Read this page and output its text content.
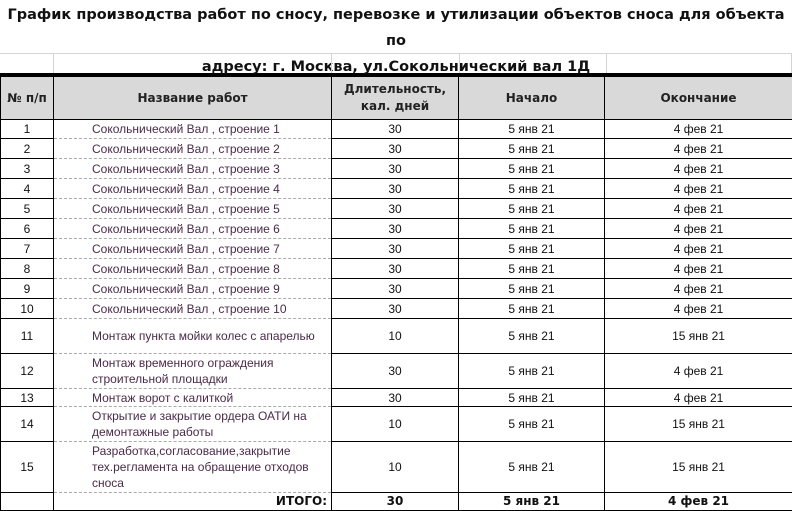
График производства работ по сносу, перевозке и утилизации объектов сноса для объекта по
адресу: г. Москва, ул.Сокольнический вал 1Д
№ п/п	Название работ	Длительность, кал. дней	Начало	Окончание
1	Сокольнический Вал , строение 1	30	5 янв 21	4 фев 21
2	Сокольнический Вал , строение 2	30	5 янв 21	4 фев 21
3	Сокольнический Вал , строение 3	30	5 янв 21	4 фев 21
4	Сокольнический Вал , строение 4	30	5 янв 21	4 фев 21
5	Сокольнический Вал , строение 5	30	5 янв 21	4 фев 21
6	Сокольнический Вал , строение 6	30	5 янв 21	4 фев 21
7	Сокольнический Вал , строение 7	30	5 янв 21	4 фев 21
8	Сокольнический Вал , строение 8	30	5 янв 21	4 фев 21
9	Сокольнический Вал , строение 9	30	5 янв 21	4 фев 21
10	Сокольнический Вал , строение 10	30	5 янв 21	4 фев 21
11	Монтаж пункта мойки колес с апарелью	10	5 янв 21	15 янв 21
12	Монтаж временного ограждения строительной площадки	30	5 янв 21	4 фев 21
13	Монтаж ворот с калиткой	30	5 янв 21	4 фев 21
14	Открытие и закрытие ордера ОАТИ на демонтажные работы	10	5 янв 21	15 янв 21
15	Разработка,согласование,закрытие тех.регламента на обращение отходов сноса	10	5 янв 21	15 янв 21
	ИТОГО:	30	5 янв 21	4 фев 21
